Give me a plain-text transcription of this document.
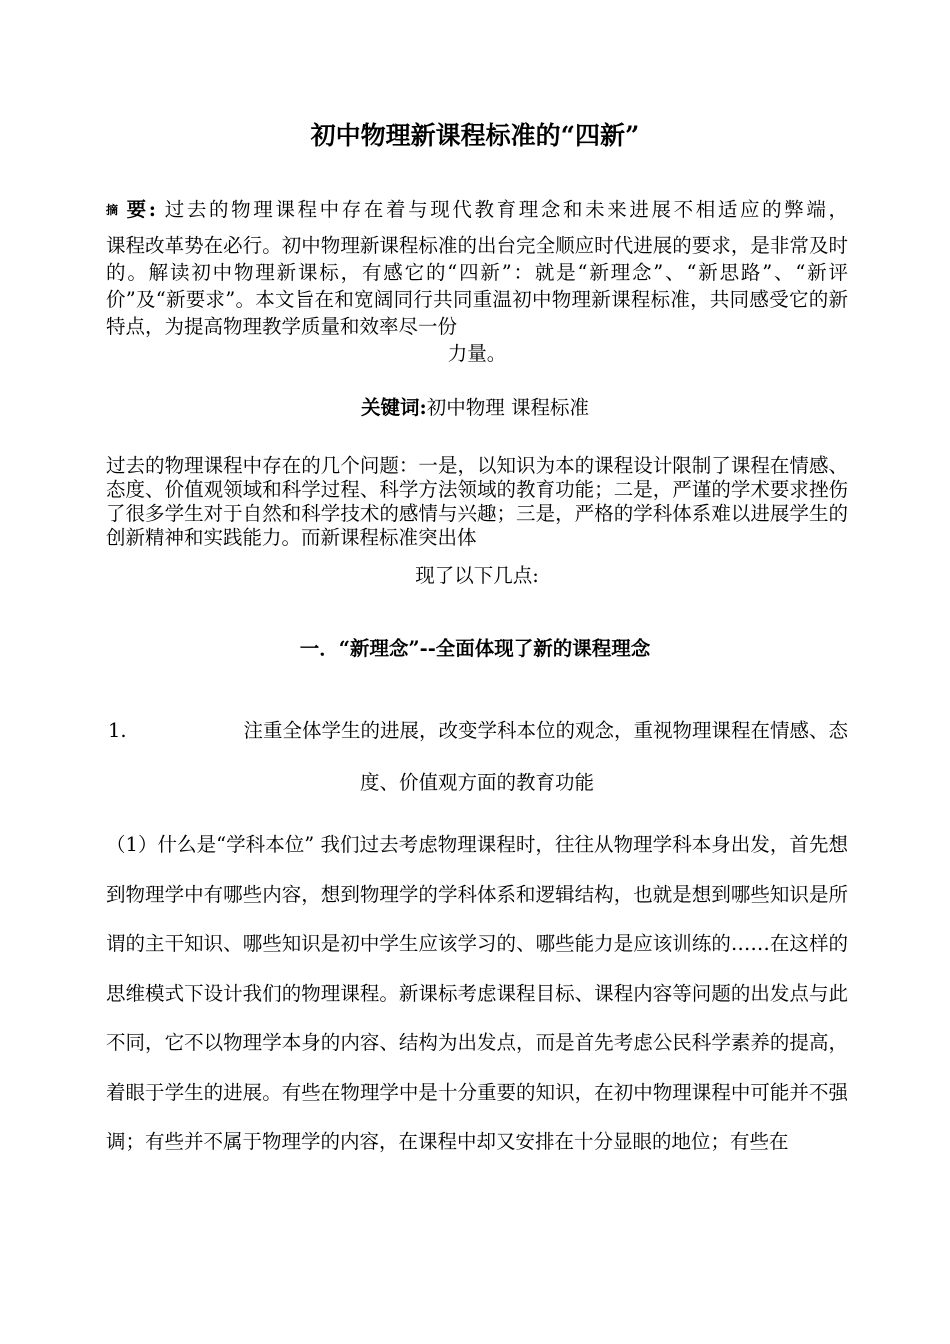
初中物理新课程标准的“四新”

摘 要: 过去的物理课程中存在着与现代教育理念和未来进展不相适应的弊端，

课程改革势在必行。初中物理新课程标准的出台完全顺应时代进展的要求，是非常及时的。解读初中物理新课标，有感它的“四新”：就是“新理念”、“新思路”、“新评价”及“新要求”。本文旨在和宽阔同行共同重温初中物理新课程标准，共同感受它的新特点，为提高物理教学质量和效率尽一份

力量。

关键词:初中物理 课程标准

过去的物理课程中存在的几个问题：一是，以知识为本的课程设计限制了课程在情感、态度、价值观领域和科学过程、科学方法领域的教育功能；二是，严谨的学术要求挫伤了很多学生对于自然和科学技术的感情与兴趣；三是，严格的学科体系难以进展学生的创新精神和实践能力。而新课程标准突出体

现了以下几点:

一．“新理念”--全面体现了新的课程理念
1.	注重全体学生的进展，改变学科本位的观念，重视物理课程在情感、态
度、价值观方面的教育功能

（1）什么是“学科本位” 我们过去考虑物理课程时，往往从物理学科本身出发，首先想到物理学中有哪些内容，想到物理学的学科体系和逻辑结构，也就是想到哪些知识是所谓的主干知识、哪些知识是初中学生应该学习的、哪些能力是应该训练的……在这样的思维模式下设计我们的物理课程。新课标考虑课程目标、课程内容等问题的出发点与此不同，它不以物理学本身的内容、结构为出发点，而是首先考虑公民科学素养的提高，着眼于学生的进展。有些在物理学中是十分重要的知识，在初中物理课程中可能并不强调；有些并不属于物理学的内容，在课程中却又安排在十分显眼的地位；有些在
